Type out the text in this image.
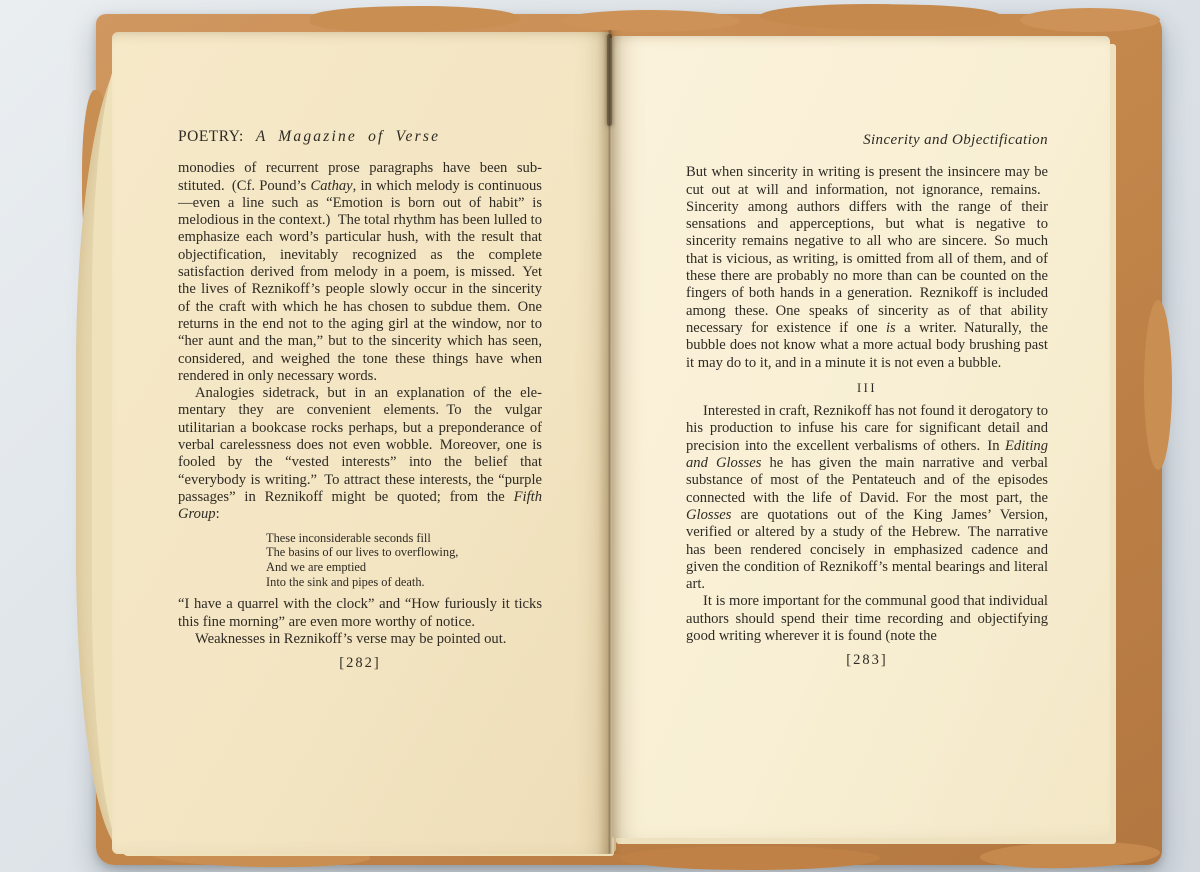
POETRY: A Magazine of Verse

monodies of recurrent prose paragraphs have been substituted. (Cf. Pound’s Cathay, in which melody is continuous—even a line such as “Emotion is born out of habit” is melodious in the context.) The total rhythm has been lulled to emphasize each word’s particular hush, with the result that objectification, inevitably recognized as the complete satisfaction derived from melody in a poem, is missed. Yet the lives of Reznikoff’s people slowly occur in the sincerity of the craft with which he has chosen to subdue them. One returns in the end not to the aging girl at the window, nor to “her aunt and the man,” but to the sincerity which has seen, considered, and weighed the tone these things have when rendered in only necessary words.

Analogies sidetrack, but in an explanation of the elementary they are convenient elements. To the vulgar utilitarian a bookcase rocks perhaps, but a preponderance of verbal carelessness does not even wobble. Moreover, one is fooled by the “vested interests” into the belief that “everybody is writing.” To attract these interests, the “purple passages” in Reznikoff might be quoted; from the Fifth Group:

These inconsiderable seconds fill
The basins of our lives to overflowing,
And we are emptied
Into the sink and pipes of death.

“I have a quarrel with the clock” and “How furiously it ticks this fine morning” are even more worthy of notice.

Weaknesses in Reznikoff’s verse may be pointed out.

[282]
Sincerity and Objectification

But when sincerity in writing is present the insincere may be cut out at will and information, not ignorance, remains. Sincerity among authors differs with the range of their sensations and apperceptions, but what is negative to sincerity remains negative to all who are sincere. So much that is vicious, as writing, is omitted from all of them, and of these there are probably no more than can be counted on the fingers of both hands in a generation. Reznikoff is included among these. One speaks of sincerity as of that ability necessary for existence if one is a writer. Naturally, the bubble does not know what a more actual body brushing past it may do to it, and in a minute it is not even a bubble.

III

Interested in craft, Reznikoff has not found it derogatory to his production to infuse his care for significant detail and precision into the excellent verbalisms of others. In Editing and Glosses he has given the main narrative and verbal substance of most of the Pentateuch and of the episodes connected with the life of David. For the most part, the Glosses are quotations out of the King James’ Version, verified or altered by a study of the Hebrew. The narrative has been rendered concisely in emphasized cadence and given the condition of Reznikoff’s mental bearings and literal art.

It is more important for the communal good that individual authors should spend their time recording and objectifying good writing wherever it is found (note the

[283]
